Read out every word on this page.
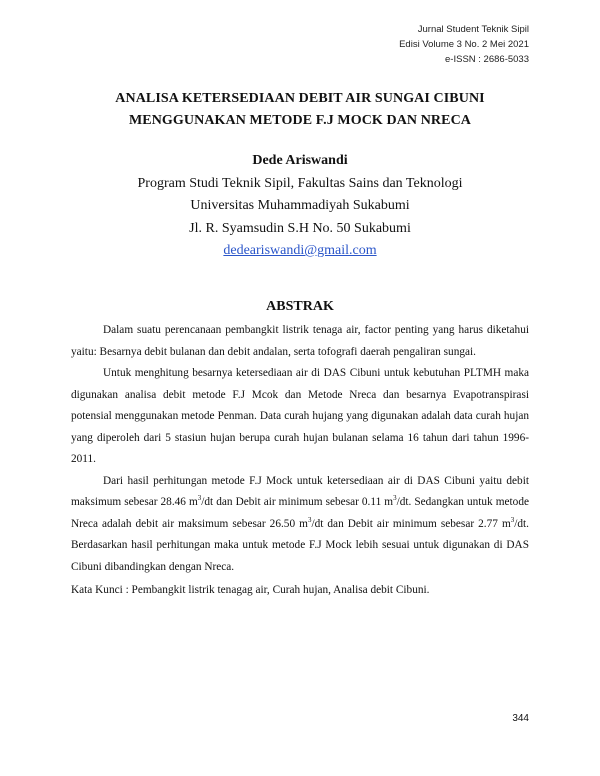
Jurnal Student Teknik Sipil
Edisi Volume 3 No. 2 Mei 2021
e-ISSN : 2686-5033
ANALISA KETERSEDIAAN DEBIT AIR SUNGAI CIBUNI
MENGGUNAKAN METODE F.J MOCK DAN NRECA
Dede Ariswandi
Program Studi Teknik Sipil, Fakultas Sains dan Teknologi
Universitas Muhammadiyah Sukabumi
Jl. R. Syamsudin S.H No. 50 Sukabumi
dedeariswandi@gmail.com
ABSTRAK

Dalam suatu perencanaan pembangkit listrik tenaga air, factor penting yang harus diketahui yaitu: Besarnya debit bulanan dan debit andalan, serta tofografi daerah pengaliran sungai.

Untuk menghitung besarnya ketersediaan air di DAS Cibuni untuk kebutuhan PLTMH maka digunakan analisa debit metode F.J Mcok dan Metode Nreca dan besarnya Evapotranspirasi potensial menggunakan metode Penman. Data curah hujang yang digunakan adalah data curah hujan yang diperoleh dari 5 stasiun hujan berupa curah hujan bulanan selama 16 tahun dari tahun 1996-2011.

Dari hasil perhitungan metode F.J Mock untuk ketersediaan air di DAS Cibuni yaitu debit maksimum sebesar 28.46 $m^3/dt$ dan Debit air minimum sebesar 0.11 $m^3/dt$. Sedangkan untuk metode Nreca adalah debit air maksimum sebesar 26.50 $m^3/dt$ dan Debit air minimum sebesar 2.77 $m^3/dt$. Berdasarkan hasil perhitungan maka untuk metode F.J Mock lebih sesuai untuk digunakan di DAS Cibuni dibandingkan dengan Nreca.

Kata Kunci : Pembangkit listrik tenagag air, Curah hujan, Analisa debit Cibuni.
344
